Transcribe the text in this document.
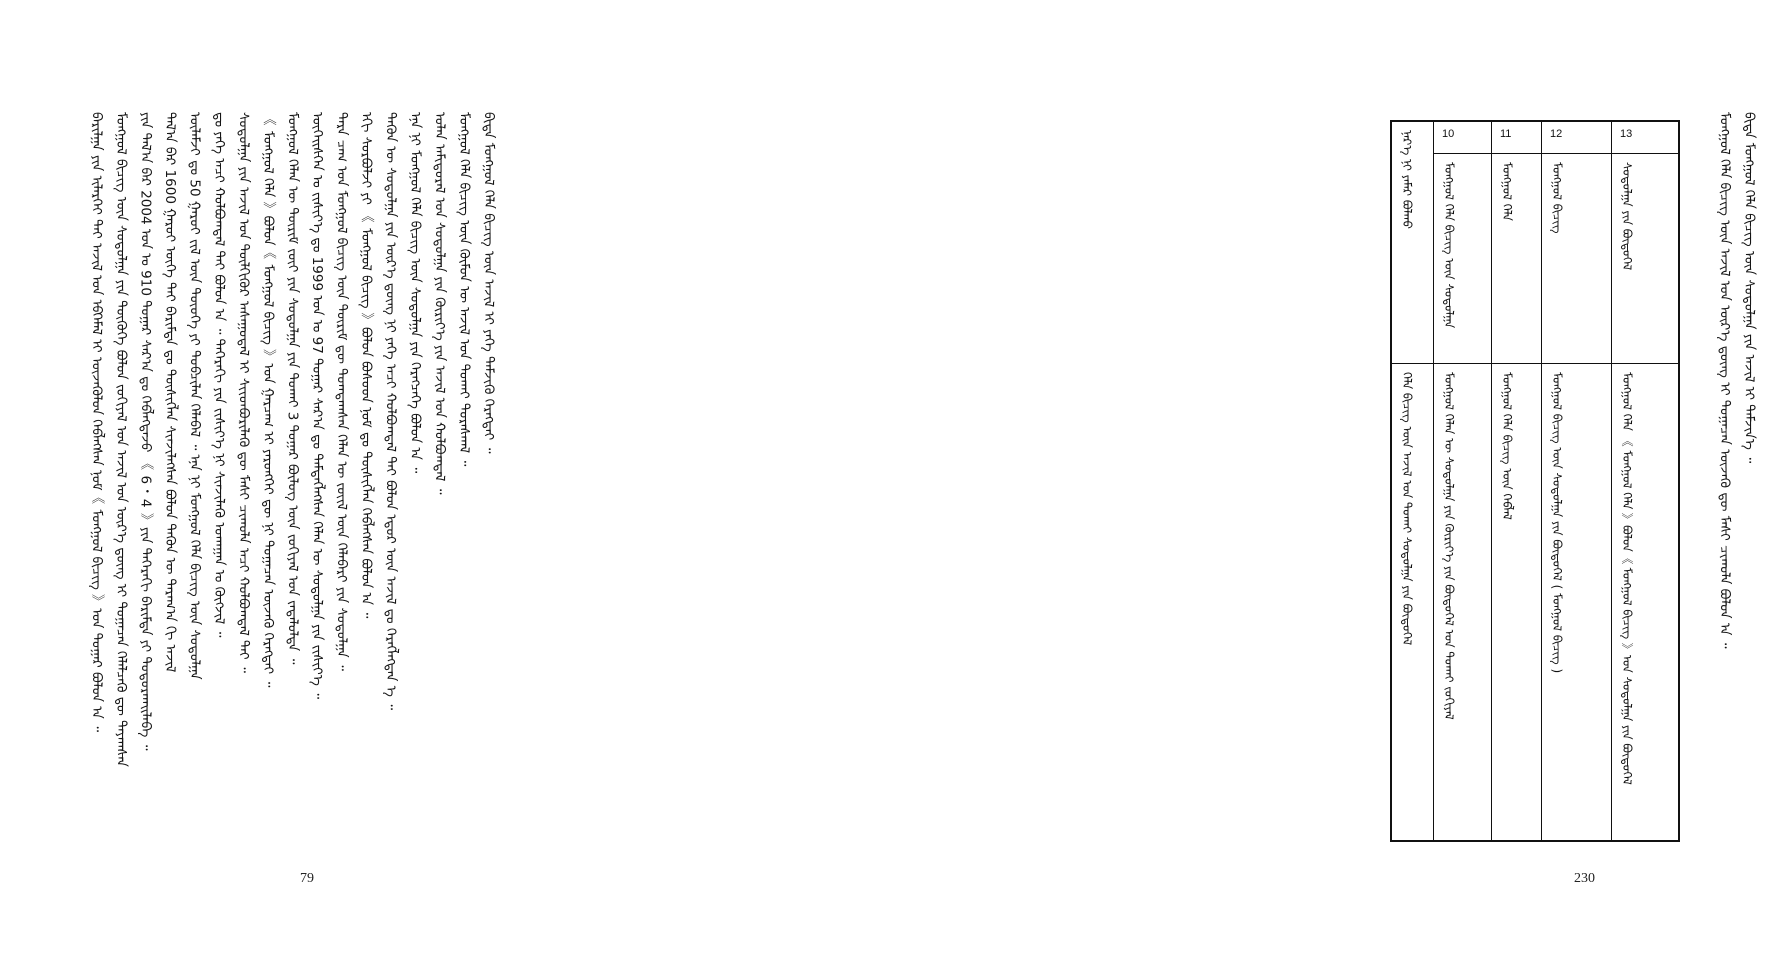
ᠪᠠᠷᠢᠯᠭᠠ ᠶᠢᠨ ᠢᠯᠡᠷᠬᠡᠢ ᠲᠡᠢ ᠠᠵᠢᠯ ᠤᠨ ᠡᠪᠬᠡᠮᠡᠯ ᠢ ᠦᠵᠡᠭᠦᠯᠦᠨ ᠬᠡᠪᠯᠡᠭᠰᠡᠨ ᠨᠣᠮ《 ᠮᠣᠩᠭᠣᠯ ᠪᠢᠴᠢᠭ 》ᠤᠨ ᠳᠤᠭᠠᠷ ᠪᠣᠯᠤᠨ ᠠ ᠃ ᠮᠣᠩᠭᠣᠯ ᠪᠢᠴᠢᠭ ᠦᠨ ᠰᠤᠳᠤᠯᠭᠠ ᠶᠢᠨ ᠲᠦᠭᠦᠬᠡ ᠪᠣᠯᠤᠨ ᠵᠣᠬᠢᠶᠠᠯ ᠤᠨ ᠠᠵᠢᠯ ᠤᠨ ᠦᠷ᠎ᠡ ᠳ᠋ᠦᠩ ᠢ ᠲᠣᠭᠠᠴᠠᠨ ᠬᠡᠯᠡᠯᠴᠡᠬᠦ ᠳᠦ ᠳᠠᠶᠠᠭᠰᠠᠨ ᠶᠢᠨ ᠲᠠᠯ᠎ᠠ ᠪᠠᠷ 2004 ᠣᠨ ᠤ 910 ᠳᠤᠭᠠᠷ ᠰᠠᠷ᠎ᠠ ᠳᠤ ᠬᠡᠪᠯᠡᠭᠳᠡᠵᠦ 《 6・4 》ᠶᠢᠨ ᠳᠡᠭᠡᠷᠡᠬᠢ ᠪᠠᠷᠢᠮᠲᠠ ᠶᠢ ᠲᠣᠳᠣᠷᠬᠠᠢᠯᠠᠪᠠ ᠃ ᠲᠠᠯ᠎ᠠ ᠪᠠᠷ 1600 ᠭᠠᠷᠤᠢ ᠦᠭᠡ ᠲᠡᠢ ᠪᠠᠷᠢᠮᠲᠠ ᠳᠤ ᠲᠦᠰᠢᠭᠯᠡᠨ ᠰᠢᠨᠵᠢᠯᠡᠭᠰᠡᠨ ᠪᠣᠯᠤᠨ ᠲᠡᠭᠦᠨ ᠦ ᠳᠠᠷᠠᠭ᠎ᠠ ᠬᠢ ᠠᠵᠢᠯ ᠦᠯᠡᠮᠵᠢ ᠳᠤ 50 ᠭᠠᠷᠤᠢ ᠵᠢᠯ ᠦᠨ ᠲᠦᠦᠬᠡ ᠶᠢ ᠲᠣᠪᠴᠢᠯᠠᠨ ᠬᠡᠯᠡᠪᠡᠯ ᠃ ᠡᠨᠡ ᠨᠢ ᠮᠣᠩᠭᠣᠯ ᠬᠡᠯᠡ ᠪᠢᠴᠢᠭ ᠦᠨ ᠰᠤᠳᠤᠯᠭᠠ ᠳᠤ ᠶᠡᠬᠡ ᠠᠴᠢ ᠬᠣᠯᠪᠣᠭᠳᠠᠯ ᠲᠠᠢ ᠪᠣᠯᠤᠨ ᠠ ᠃ ᠳᠡᠭᠡᠷᠡᠬᠢ ᠶᠢᠨ ᠵᠢᠱᠢᠶ᠎ᠡ ᠨᠢ ᠰᠢᠨᠵᠢᠯᠡᠬᠦ ᠤᠬᠠᠭᠠᠨ ᠤ ᠬᠦᠭᠵᠢᠯ ᠃ ᠰᠤᠳᠤᠯᠭᠠ ᠶᠢᠨ ᠠᠵᠢᠯ ᠤᠨ ᠲᠦᠯᠬᠢᠭᠦᠷ ᠠᠰᠠᠭᠤᠳᠠᠯ ᠢ ᠰᠢᠢᠳᠪᠦᠷᠢᠯᠡᠬᠦ ᠳᠦ ᠮᠠᠰᠢ ᠴᠢᠬᠤᠯᠠ ᠠᠴᠢ ᠬᠣᠯᠪᠣᠭᠳᠠᠯ ᠲᠠᠢ ᠃ 《 ᠮᠣᠩᠭᠣᠯ ᠬᠡᠯᠡ 》ᠪᠣᠯᠤᠨ《 ᠮᠣᠩᠭᠣᠯ ᠪᠢᠴᠢᠭ 》ᠤᠨ ᠭᠠᠷᠴᠠᠭ ᠢ ᠶᠡᠷᠦᠩᠬᠡᠢ ᠳᠦ ᠨᠢ ᠲᠣᠭᠠᠴᠠᠨ ᠦᠵᠡᠬᠦ ᠬᠡᠷᠡᠭᠲᠡᠢ ᠃ ᠮᠣᠩᠭᠣᠯ ᠬᠡᠯᠡᠨ ᠦ ᠳᠦᠷᠢᠮ ᠵᠦᠢ ᠶᠢᠨ ᠰᠤᠳᠤᠯᠭᠠ ᠶᠢᠨ ᠲᠤᠬᠠᠢ 3 ᠳᠤᠭᠠᠷ ᠪᠦᠯᠦᠭ ᠦᠨ ᠵᠣᠬᠢᠶᠠᠯ ᠤᠨ ᠵᠠᠳᠠᠯᠤᠯᠲᠠ ᠃ ᠦᠭᠡᠢᠰᠬᠡᠨ ᠤ ᠵᠢᠱᠢᠶ᠎ᠡ ᠳᠤ 1999 ᠣᠨ ᠤ 97 ᠳᠤᠭᠠᠷ ᠰᠠᠷ᠎ᠠ ᠳᠤ ᠲᠡᠮᠳᠡᠭᠯᠡᠭᠰᠡᠨ ᠬᠡᠯᠡᠨ ᠦ ᠰᠤᠳᠤᠯᠭᠠ ᠶᠢᠨ ᠵᠢᠱᠢᠶ᠎ᠡ ᠃ ᠲᠡᠷᠡ ᠴᠠᠭ ᠤᠨ ᠮᠣᠩᠭᠣᠯ ᠪᠢᠴᠢᠭ ᠦᠨ ᠳᠦᠷᠢᠮ ᠳᠦ ᠲᠣᠭᠲᠠᠭᠰᠠᠨ ᠬᠡᠯᠡᠨ ᠦ ᠵᠦᠢᠯ ᠦᠨ ᠬᠡᠯᠡᠪᠡᠷᠢ ᠶᠢᠨ ᠰᠤᠳᠤᠯᠭᠠ ᠃ ᠡᠬᠢ ᠰᠤᠷᠪᠤᠯᠵᠢ ᠶᠢ 《 ᠮᠣᠩᠭᠣᠯ ᠪᠢᠴᠢᠭ 》ᠪᠣᠯᠤᠨ ᠪᠤᠰᠤᠳ ᠨᠣᠮ ᠳᠤ ᠲᠦᠰᠢᠭᠯᠡᠨ ᠬᠡᠪᠯᠡᠭᠰᠡᠨ ᠪᠣᠯᠤᠨ ᠠ ᠃ ᠲᠡᠭᠦᠨ ᠦ ᠰᠤᠳᠤᠯᠭᠠ ᠶᠢᠨ ᠦᠷ᠎ᠡ ᠳ᠋ᠦᠩ ᠨᠢ ᠶᠡᠬᠡ ᠠᠴᠢ ᠬᠣᠯᠪᠣᠭᠳᠠᠯ ᠲᠠᠢ ᠪᠣᠯᠤᠨ ᠡᠳᠦᠷ ᠦᠨ ᠠᠵᠢᠯ ᠳᠤ ᠬᠡᠷᠡᠭᠯᠡᠭᠳᠡᠨ ᠡ ᠃ ᠡᠨᠡ ᠨᠢ ᠮᠣᠩᠭᠣᠯ ᠬᠡᠯᠡ ᠪᠢᠴᠢᠭ ᠦᠨ ᠰᠤᠳᠤᠯᠭᠠ ᠶᠢᠨ ᠬᠡᠷᠡᠭᠴᠡᠭᠡ ᠪᠣᠯᠤᠨ ᠠ ᠃ ᠣᠯᠠᠨ ᠠᠮᠢᠳᠤᠷᠠᠯ ᠤᠨ ᠰᠤᠳᠤᠯᠭᠠ ᠶᠢᠨ ᠬᠦᠷᠢᠶ᠎ᠡ ᠶᠢᠨ ᠠᠵᠢᠯ ᠤᠨ ᠬᠣᠯᠪᠣᠭᠳᠠᠯ ᠃ ᠮᠣᠩᠭᠣᠯ ᠬᠡᠯᠡ ᠪᠢᠴᠢᠭ ᠦᠨ ᠬᠦᠮᠦᠨ ᠦ ᠠᠵᠢᠯ ᠤᠨ ᠲᠤᠬᠠᠢ ᠳᠤᠷᠠᠰᠬᠠᠯ ᠃ ᠪᠢᠳᠡ ᠮᠣᠩᠭᠣᠯ ᠬᠡᠯᠡ ᠪᠢᠴᠢᠭ ᠦᠨ ᠠᠵᠢᠯ ᠢ ᠶᠡᠬᠡ ᠳᠡᠮᠵᠢᠬᠦ ᠬᠡᠷᠡᠭᠲᠡᠢ ᠃
79
ᠨᠡᠷ᠎ᠡ ᠨᠢ ᠶᠠᠮᠠᠷ ᠪᠣᠯᠬᠤ
ᠬᠡᠯᠡ ᠪᠢᠴᠢᠭ ᠦᠨ ᠠᠵᠢᠯ ᠤᠨ ᠲᠤᠬᠠᠢ ᠰᠤᠳᠤᠯᠭᠠ ᠶᠢᠨ ᠪᠦᠲᠦᠭᠡᠯ
10
ᠮᠣᠩᠭᠣᠯ ᠬᠡᠯᠡ ᠪᠢᠴᠢᠭ ᠦᠨ ᠰᠤᠳᠤᠯᠭᠠ
ᠮᠣᠩᠭᠣᠯ ᠬᠡᠯᠡᠨ ᠦ ᠰᠤᠳᠤᠯᠭᠠ ᠶᠢᠨ ᠬᠦᠷᠢᠶ᠎ᠡ ᠶᠢᠨ ᠪᠦᠲᠦᠭᠡᠯ ᠤᠨ ᠲᠤᠬᠠᠢ ᠵᠣᠬᠢᠶᠠᠯ
11
ᠮᠣᠩᠭᠣᠯ ᠬᠡᠯᠡ
ᠮᠣᠩᠭᠣᠯ ᠬᠡᠯᠡ ᠪᠢᠴᠢᠭ ᠦᠨ ᠬᠡᠪᠯᠡᠯ
12
ᠮᠣᠩᠭᠣᠯ ᠪᠢᠴᠢᠭ
ᠮᠣᠩᠭᠣᠯ ᠪᠢᠴᠢᠭ ᠦᠨ ᠰᠤᠳᠤᠯᠭᠠ ᠶᠢᠨ ᠪᠦᠲᠦᠭᠡᠯ ( ᠮᠣᠩᠭᠣᠯ ᠪᠢᠴᠢᠭ )
13
ᠰᠤᠳᠤᠯᠭᠠ ᠶᠢᠨ ᠪᠦᠲᠦᠭᠡᠯ
ᠮᠣᠩᠭᠣᠯ ᠬᠡᠯᠡ 《 ᠮᠣᠩᠭᠣᠯ ᠬᠡᠯᠡ 》ᠪᠣᠯᠤᠨ《 ᠮᠣᠩᠭᠣᠯ ᠪᠢᠴᠢᠭ 》ᠤᠨ ᠰᠤᠳᠤᠯᠭᠠ ᠶᠢᠨ ᠪᠦᠲᠦᠭᠡᠯ	ᠮᠣᠩᠭᠣᠯ ᠬᠡᠯᠡ ᠪᠢᠴᠢᠭ ᠦᠨ ᠠᠵᠢᠯ ᠤᠨ ᠦᠷ᠎ᠡ ᠳ᠋ᠦᠩ ᠢ ᠲᠣᠭᠠᠴᠠᠨ ᠦᠵᠡᠬᠦ ᠳᠦ ᠮᠠᠰᠢ ᠴᠢᠬᠤᠯᠠ ᠪᠣᠯᠤᠨ ᠠ ᠃ ᠪᠢᠳᠡ ᠮᠣᠩᠭᠣᠯ ᠬᠡᠯᠡ ᠪᠢᠴᠢᠭ ᠦᠨ ᠰᠤᠳᠤᠯᠭᠠ ᠶᠢᠨ ᠠᠵᠢᠯ ᠢ ᠳᠡᠮᠵᠢᠨ᠎ᠡ ᠃
230
